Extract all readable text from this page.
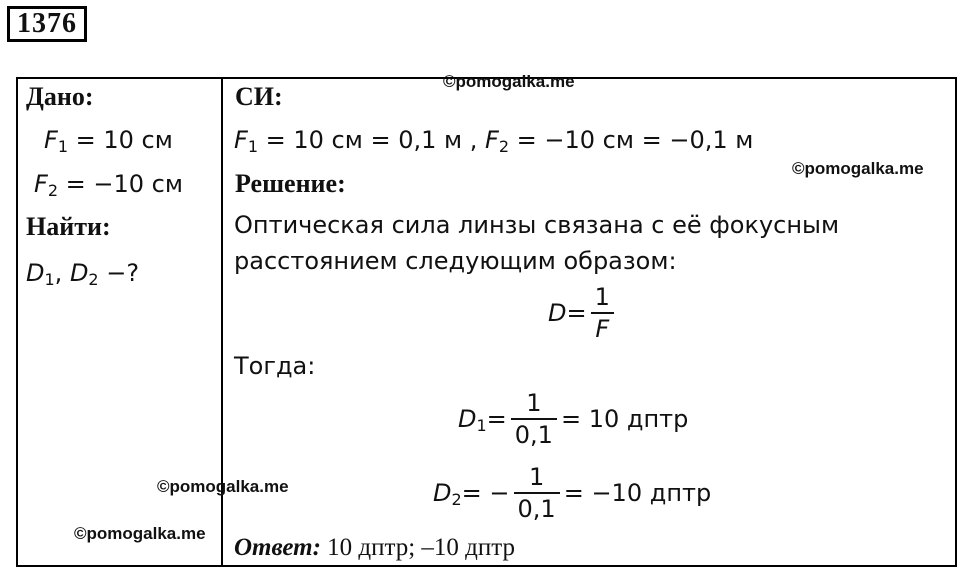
1376
Дано:
$F_1 = 10$ см
$F_2 = -10$ см
Найти:
$D_1$, $D_2$ −?
СИ:
$F_1 = 10$ см = 0,1 м , $F_2 = -10$ см = −0,1 м
Решение:
Оптическая сила линзы связана с её фокусным
расстоянием следующим образом:
$D = \frac{1}{F}$
Тогда:
$D_1 = \frac{1}{0,1} = 10$ дптр
$D_2$ = − $\frac{1}{0,1} = -10$ дптр
Ответ: 10 дптр; –10 дптр
©pomogalka.me
©pomogalka.me
©pomogalka.me
©pomogalka.me
